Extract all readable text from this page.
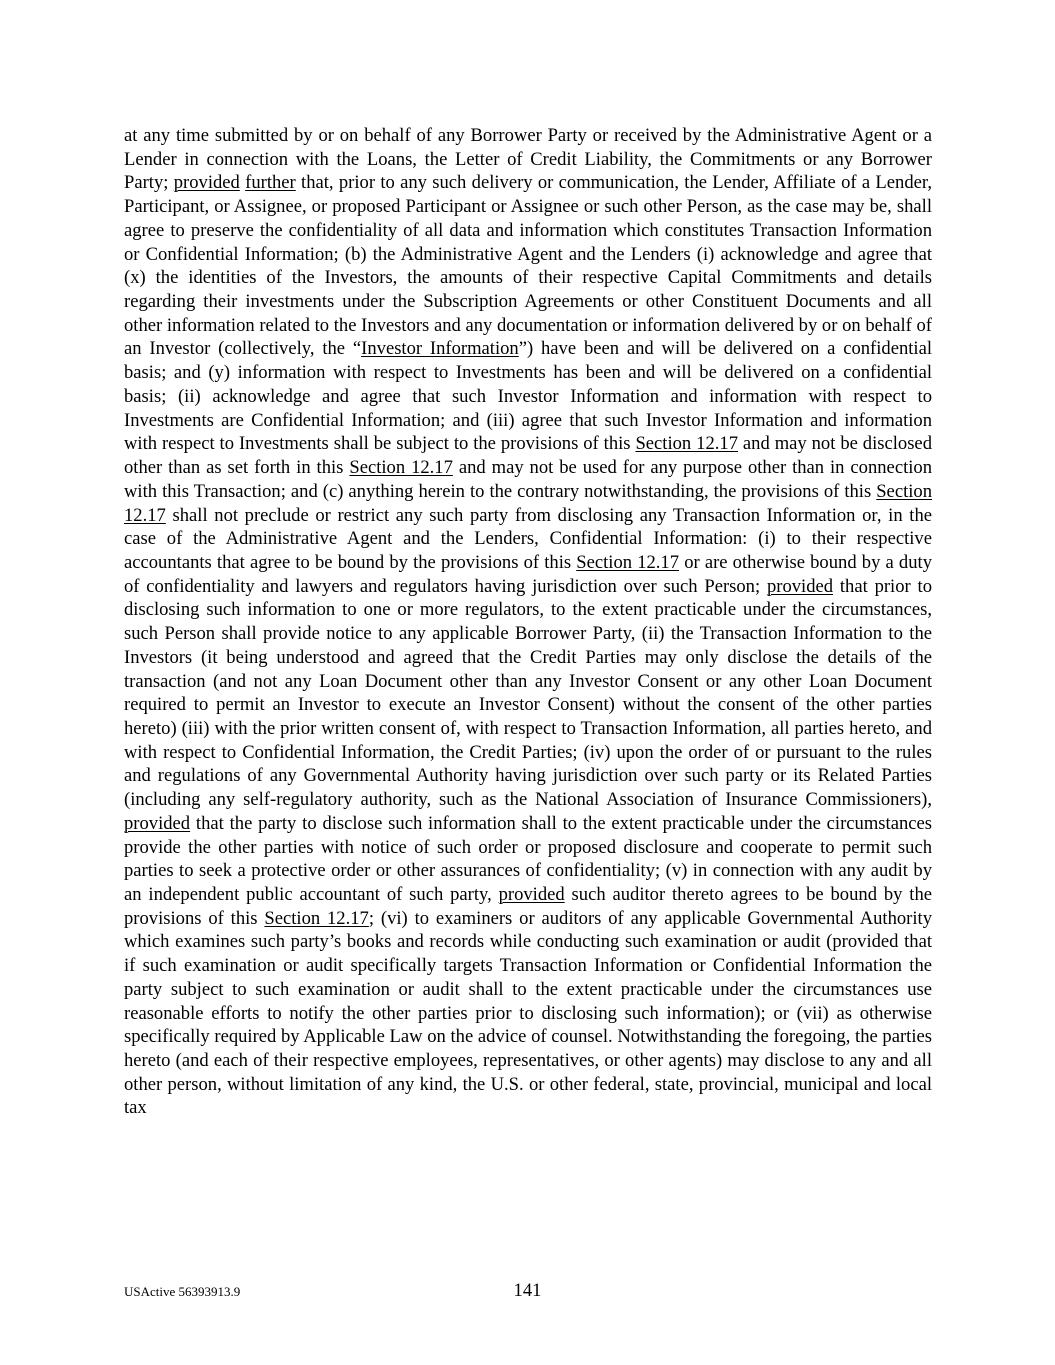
at any time submitted by or on behalf of any Borrower Party or received by the Administrative Agent or a Lender in connection with the Loans, the Letter of Credit Liability, the Commitments or any Borrower Party; provided further that, prior to any such delivery or communication, the Lender, Affiliate of a Lender, Participant, or Assignee, or proposed Participant or Assignee or such other Person, as the case may be, shall agree to preserve the confidentiality of all data and information which constitutes Transaction Information or Confidential Information; (b) the Administrative Agent and the Lenders (i) acknowledge and agree that (x) the identities of the Investors, the amounts of their respective Capital Commitments and details regarding their investments under the Subscription Agreements or other Constituent Documents and all other information related to the Investors and any documentation or information delivered by or on behalf of an Investor (collectively, the “Investor Information”) have been and will be delivered on a confidential basis; and (y) information with respect to Investments has been and will be delivered on a confidential basis; (ii) acknowledge and agree that such Investor Information and information with respect to Investments are Confidential Information; and (iii) agree that such Investor Information and information with respect to Investments shall be subject to the provisions of this Section 12.17 and may not be disclosed other than as set forth in this Section 12.17 and may not be used for any purpose other than in connection with this Transaction; and (c) anything herein to the contrary notwithstanding, the provisions of this Section 12.17 shall not preclude or restrict any such party from disclosing any Transaction Information or, in the case of the Administrative Agent and the Lenders, Confidential Information: (i) to their respective accountants that agree to be bound by the provisions of this Section 12.17 or are otherwise bound by a duty of confidentiality and lawyers and regulators having jurisdiction over such Person; provided that prior to disclosing such information to one or more regulators, to the extent practicable under the circumstances, such Person shall provide notice to any applicable Borrower Party, (ii) the Transaction Information to the Investors (it being understood and agreed that the Credit Parties may only disclose the details of the transaction (and not any Loan Document other than any Investor Consent or any other Loan Document required to permit an Investor to execute an Investor Consent) without the consent of the other parties hereto) (iii) with the prior written consent of, with respect to Transaction Information, all parties hereto, and with respect to Confidential Information, the Credit Parties; (iv) upon the order of or pursuant to the rules and regulations of any Governmental Authority having jurisdiction over such party or its Related Parties (including any self-regulatory authority, such as the National Association of Insurance Commissioners), provided that the party to disclose such information shall to the extent practicable under the circumstances provide the other parties with notice of such order or proposed disclosure and cooperate to permit such parties to seek a protective order or other assurances of confidentiality; (v) in connection with any audit by an independent public accountant of such party, provided such auditor thereto agrees to be bound by the provisions of this Section 12.17; (vi) to examiners or auditors of any applicable Governmental Authority which examines such party’s books and records while conducting such examination or audit (provided that if such examination or audit specifically targets Transaction Information or Confidential Information the party subject to such examination or audit shall to the extent practicable under the circumstances use reasonable efforts to notify the other parties prior to disclosing such information); or (vii) as otherwise specifically required by Applicable Law on the advice of counsel. Notwithstanding the foregoing, the parties hereto (and each of their respective employees, representatives, or other agents) may disclose to any and all other person, without limitation of any kind, the U.S. or other federal, state, provincial, municipal and local tax

USActive 56393913.9	141
